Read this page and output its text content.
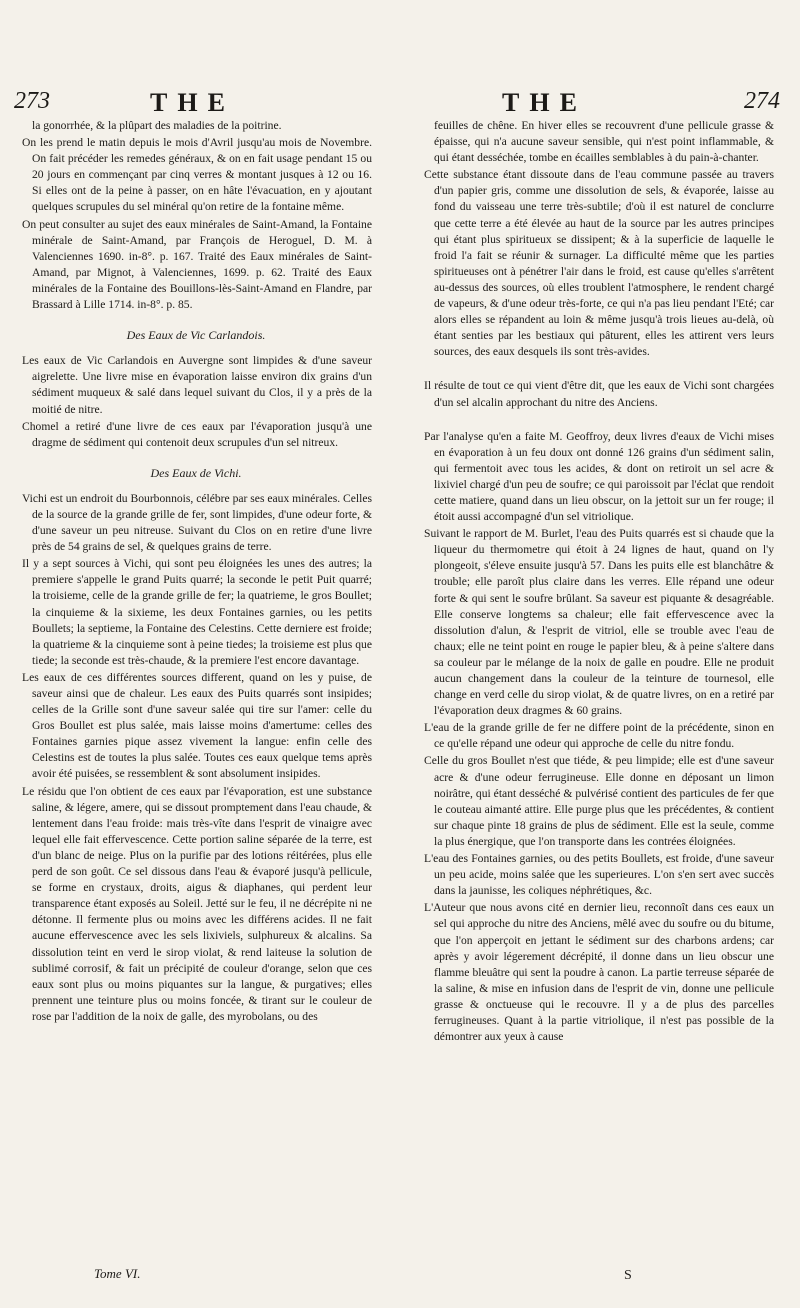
273	THE	THE	274

la gonorrhée, & la plûpart des maladies de la poitrine.

On les prend le matin depuis le mois d'Avril jusqu'au mois de Novembre. On fait précéder les remedes généraux, & on en fait usage pendant 15 ou 20 jours en commençant par cinq verres & montant jusques à 12 ou 16. Si elles ont de la peine à passer, on en hâte l'évacuation, en y ajoutant quelques scrupules du sel minéral qu'on retire de la fontaine même.

On peut consulter au sujet des eaux minérales de Saint-Amand, la Fontaine minérale de Saint-Amand, par François de Heroguel, D. M. à Valenciennes 1690. in-8°. p. 167. Traité des Eaux minérales de Saint-Amand, par Mignot, à Valenciennes, 1699. p. 62. Traité des Eaux minérales de la Fontaine des Bouillons-lès-Saint-Amand en Flandre, par Brassard à Lille 1714. in-8°. p. 85.

Des Eaux de Vic Carlandois.

Les eaux de Vic Carlandois en Auvergne sont limpides & d'une saveur aigrelette. Une livre mise en évaporation laisse environ dix grains d'un sédiment muqueux & salé dans lequel suivant du Clos, il y a près de la moitié de nitre.

Chomel a retiré d'une livre de ces eaux par l'évaporation jusqu'à une dragme de sédiment qui contenoit deux scrupules d'un sel nitreux.

Des Eaux de Vichi.

Vichi est un endroit du Bourbonnois, célébre par ses eaux minérales. Celles de la source de la grande grille de fer, sont limpides, d'une odeur forte, & d'une saveur un peu nitreuse. Suivant du Clos on en retire d'une livre près de 54 grains de sel, & quelques grains de terre.

Il y a sept sources à Vichi, qui sont peu éloignées les unes des autres; la premiere s'appelle le grand Puits quarré; la seconde le petit Puit quarré; la troisieme, celle de la grande grille de fer; la quatrieme, le gros Boullet; la cinquieme & la sixieme, les deux Fontaines garnies, ou les petits Boullets; la septieme, la Fontaine des Celestins. Cette derniere est froide; la quatrieme & la cinquieme sont à peine tiedes; la troisieme est plus que tiede; la seconde est très-chaude, & la premiere l'est encore davantage.

Les eaux de ces différentes sources different, quand on les y puise, de saveur ainsi que de chaleur. Les eaux des Puits quarrés sont insipides; celles de la Grille sont d'une saveur salée qui tire sur l'amer: celle du Gros Boullet est plus salée, mais laisse moins d'amertume: celles des Fontaines garnies pique assez vivement la langue: enfin celle des Celestins est de toutes la plus salée. Toutes ces eaux quelque tems après avoir été puisées, se ressemblent & sont absolument insipides.

Le résidu que l'on obtient de ces eaux par l'évaporation, est une substance saline, & légere, amere, qui se dissout promptement dans l'eau chaude, & lentement dans l'eau froide: mais très-vîte dans l'esprit de vinaigre avec lequel elle fait effervescence. Cette portion saline séparée de la terre, est d'un blanc de neige. Plus on la purifie par des lotions réitérées, plus elle perd de son goût. Ce sel dissous dans l'eau & évaporé jusqu'à pellicule, se forme en crystaux, droits, aigus & diaphanes, qui perdent leur transparence étant exposés au Soleil. Jetté sur le feu, il ne décrépite ni ne détonne. Il fermente plus ou moins avec les différens acides. Il ne fait aucune effervescence avec les sels lixiviels, sulphureux & alcalins. Sa dissolution teint en verd le sirop violat, & rend laiteuse la solution de sublimé corrosif, & fait un précipité de couleur d'orange, selon que ces eaux sont plus ou moins piquantes sur la langue, & purgatives; elles prennent une teinture plus ou moins foncée, & tirant sur le couleur de rose par l'addition de la noix de galle, des myrobolans, ou des

feuilles de chêne. En hiver elles se recouvrent d'une pellicule grasse & épaisse, qui n'a aucune saveur sensible, qui n'est point inflammable, & qui étant desséchée, tombe en écailles semblables à du pain-à-chanter.

Cette substance étant dissoute dans de l'eau commune passée au travers d'un papier gris, comme une dissolution de sels, & évaporée, laisse au fond du vaisseau une terre très-subtile; d'où il est naturel de conclurre que cette terre a été élevée au haut de la source par les autres principes qui étant plus spiritueux se dissipent; & à la superficie de laquelle le froid l'a fait se réunir & surnager. La difficulté même que les parties spiritueuses ont à pénétrer l'air dans le froid, est cause qu'elles s'arrêtent au-dessus des sources, où elles troublent l'atmosphere, le rendent chargé de vapeurs, & d'une odeur très-forte, ce qui n'a pas lieu pendant l'Eté; car alors elles se répandent au loin & même jusqu'à trois lieues au-delà, où étant senties par les bestiaux qui pâturent, elles les attirent vers leurs sources, des eaux desquels ils sont très-avides.

Il résulte de tout ce qui vient d'être dit, que les eaux de Vichi sont chargées d'un sel alcalin approchant du nitre des Anciens.

Par l'analyse qu'en a faite M. Geoffroy, deux livres d'eaux de Vichi mises en évaporation à un feu doux ont donné 126 grains d'un sédiment salin, qui fermentoit avec tous les acides, & dont on retiroit un sel acre & lixiviel chargé d'un peu de soufre; ce qui paroissoit par l'éclat que rendoit cette matiere, quand dans un lieu obscur, on la jettoit sur un fer rouge; il étoit aussi accompagné d'un sel vitriolique.

Suivant le rapport de M. Burlet, l'eau des Puits quarrés est si chaude que la liqueur du thermometre qui étoit à 24 lignes de haut, quand on l'y plongeoit, s'éleve ensuite jusqu'à 57. Dans les puits elle est blanchâtre & trouble; elle paroît plus claire dans les verres. Elle répand une odeur forte & qui sent le soufre brûlant. Sa saveur est piquante & desagréable. Elle conserve longtems sa chaleur; elle fait effervescence avec la dissolution d'alun, & l'esprit de vitriol, elle se trouble avec l'eau de chaux; elle ne teint point en rouge le papier bleu, & à peine s'altere dans sa couleur par le mélange de la noix de galle en poudre. Elle ne produit aucun changement dans la couleur de la teinture de tournesol, elle change en verd celle du sirop violat, & de quatre livres, on en a retiré par l'évaporation deux dragmes & 60 grains.

L'eau de la grande grille de fer ne differe point de la précédente, sinon en ce qu'elle répand une odeur qui approche de celle du nitre fondu.

Celle du gros Boullet n'est que tiéde, & peu limpide; elle est d'une saveur acre & d'une odeur ferrugineuse. Elle donne en déposant un limon noirâtre, qui étant desséché & pulvérisé contient des particules de fer que le couteau aimanté attire. Elle purge plus que les précédentes, & contient sur chaque pinte 18 grains de plus de sédiment. Elle est la seule, comme la plus énergique, que l'on transporte dans les contrées éloignées.

L'eau des Fontaines garnies, ou des petits Boullets, est froide, d'une saveur un peu acide, moins salée que les superieures. L'on s'en sert avec succès dans la jaunisse, les coliques néphrétiques, &c.

L'Auteur que nous avons cité en dernier lieu, reconnoît dans ces eaux un sel qui approche du nitre des Anciens, mêlé avec du soufre ou du bitume, que l'on apperçoit en jettant le sédiment sur des charbons ardens; car après y avoir légerement décrépité, il donne dans un lieu obscur une flamme bleuâtre qui sent la poudre à canon. La partie terreuse séparée de la saline, & mise en infusion dans de l'esprit de vin, donne une pellicule grasse & onctueuse qui le recouvre. Il y a de plus des parcelles ferrugineuses. Quant à la partie vitriolique, il n'est pas possible de la démontrer aux yeux à cause

Tome VI.	S
